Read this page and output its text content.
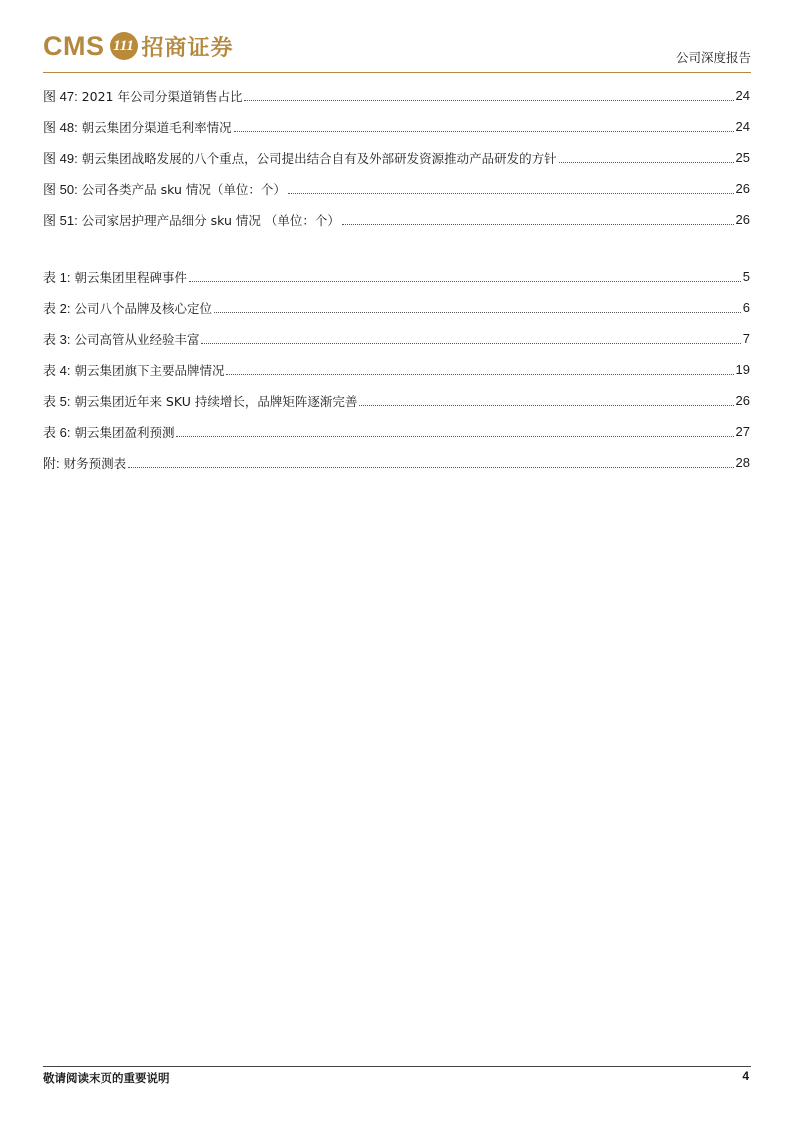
CMS 111 招商证券	公司深度报告
图 47: 2021 年公司分渠道销售占比	24
图 48: 朝云集团分渠道毛利率情况	24
图 49: 朝云集团战略发展的八个重点，公司提出结合自有及外部研发资源推动产品研发的方针	25
图 50: 公司各类产品 sku 情况（单位：个）	26
图 51: 公司家居护理产品细分 sku 情况 （单位：个）	26
表 1: 朝云集团里程碑事件	5
表 2: 公司八个品牌及核心定位	6
表 3: 公司高管从业经验丰富	7
表 4: 朝云集团旗下主要品牌情况	19
表 5: 朝云集团近年来 SKU 持续增长，品牌矩阵逐渐完善	26
表 6: 朝云集团盈利预测	27
附: 财务预测表	28
敬请阅读末页的重要说明	4
